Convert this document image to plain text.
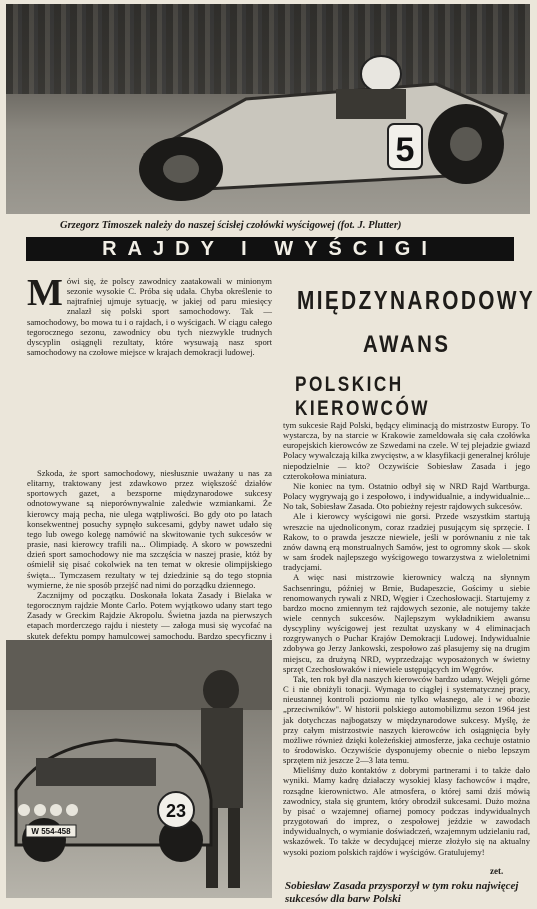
5
Grzegorz Timoszek należy do naszej ścisłej czołówki wyścigowej (fot. J. Plutter)
RAJDY I WYŚCIGI
M ówi się, że polscy zawodnicy zaatakowali w minionym sezonie wysokie C. Próba się udała. Chyba określenie to najtrafniej ujmuje sytuację, w jakiej od paru miesięcy znalazł się polski sport samochodowy. Tak — samochodowy, bo mowa tu i o rajdach, i o wyścigach. W ciągu całego tegorocznego sezonu, zawodnicy obu tych niezwykle trudnych dyscyplin osiągnęli rezultaty, które wysuwają nasz sport samochodowy na czołowe miejsce w krajach demokracji ludowej.

Szkoda, że sport samochodowy, niesłusznie uważany u nas za elitarny, traktowany jest zdawkowo przez większość działów sportowych gazet, a bezsporne międzynarodowe sukcesy odnotowywane są nieporównywalnie zaledwie wzmiankami. Że kierowcy mają pecha, nie ulega wątpliwości. Bo gdy oto po latach konsekwentnej posuchy sypnęło sukcesami, gdyby nawet udało się tego lub owego kolegę namówić na skwitowanie tych sukcesów w prasie, nasi kierowcy trafili na... Olimpiadę. A skoro w powszedni dzień sport samochodowy nie ma szczęścia w naszej prasie, któż by ośmielił się pisać cokolwiek na ten temat w okresie olimpijskiego święta... Tymczasem rezultaty w tej dziedzinie są do tego stopnia wymierne, że nie sposób przejść nad nimi do porządku dziennego.

Zacznijmy od początku. Doskonała lokata Zasady i Bielaka w tegorocznym rajdzie Monte Carlo. Potem wyjątkowo udany start tego Zasady w Greckim Rajdzie Akropolu. Świetna jazda na pierwszych etapach morderczego rajdu i niestety — załoga musi się wycofać na skutek defektu pompy hamulcowej samochodu. Bardzo specyficzny i

MIĘDZYNARODOWY
AWANS
POLSKICH KIEROWCÓW

tym sukcesie Rajd Polski, będący eliminacją do mistrzostw Europy. To wystarcza, by na starcie w Krakowie zameldowała się cała czołówka europejskich kierowców ze Szwedami na czele. W tej plejadzie gwiazd Polacy wywalczają kilka zwycięstw, a w klasyfikacji generalnej króluje niepodzielnie — kto? Oczywiście Sobiesław Zasada i jego czterokołowa miniatura.

Nie koniec na tym. Ostatnio odbył się w NRD Rajd Wartburga. Polacy wygrywają go i zespołowo, i indywidualnie, a indywidualnie... No tak, Sobiesław Zasada. Oto pobieżny rejestr rajdowych sukcesów.

Ale i kierowcy wyścigowi nie gorsi. Przede wszystkim startują wreszcie na ujednoliconym, coraz rzadziej pusującym się sprzęcie. I Rakow, to o prawda jeszcze niewiele, jeśli w porównaniu z nie tak znów dawną erą monstrualnych Samów, jest to ogromny skok — skok w sam środek najlepszego wyścigowego towarzystwa z wieloletnimi tradycjami.

A więc nasi mistrzowie kierownicy walczą na słynnym Sachsenringu, później w Brnie, Budapeszcie, Gościmy u siebie renomowanych rywali z NRD, Węgier i Czechosłowacji. Startujemy z bardzo mocno zmiennym też rajdowych sezonie, ale notujemy także wiele cennych sukcesów. Najlepszym wykładnikiem awansu dyscypliny wyścigowej jest rezultat uzyskany w 4 eliminacjach rozgrywanych o Puchar Krajów Demokracji Ludowej. Indywidualnie zdobywa go Jerzy Jankowski, zespołowo zaś plasujemy się na drugim miejscu, za drużyną NRD, wyprzedzając wyposażonych w świetny sprzęt Czechosłowaków i niewiele ustępujących im Węgrów.

Tak, ten rok był dla naszych kierowców bardzo udany. Wejęli górne C i nie obniżyli tonacji. Wymaga to ciągłej i systematycznej pracy, nieustannej kontroli poziomu nie tylko własnego, ale i w obozie „przeciwników". W historii polskiego automobilizmu sezon 1964 jest jak dotychczas najbogatszy w międzynarodowe sukcesy. Myślę, że przy całym mistrzostwie naszych kierowców ich osiągnięcia były możliwe również dzięki koleżeńskiej atmosferze, jaka cechuje ostatnio to środowisko. Oczywiście dysponujemy obecnie o niebo lepszym sprzętem niż jeszcze 2—3 lata temu.

Mieliśmy dużo kontaktów z dobrymi partnerami i to także dało wyniki. Mamy kadrę działaczy wysokiej klasy fachowców i mądre, rozsądne kierownictwo. Ale atmosfera, o której sami dziś mówią zawodnicy, stała się gruntem, który obrodził sukcesami. Dużo można by pisać o wzajemnej ofiarnej pomocy podczas indywidualnych przygotowań do imprez, o zespołowej jeździe w zawodach indywidualnych, o wymianie doświadczeń, wzajemnym udzielaniu rad, wskazówek. To także w decydującej mierze złożyło się na aktualny wysoki poziom polskich rajdów i wyścigów. Gratulujemy!

zet.
W 554-458
23
Sobiesław Zasada przysporzył w tym roku najwięcej sukcesów dla barw Polski
